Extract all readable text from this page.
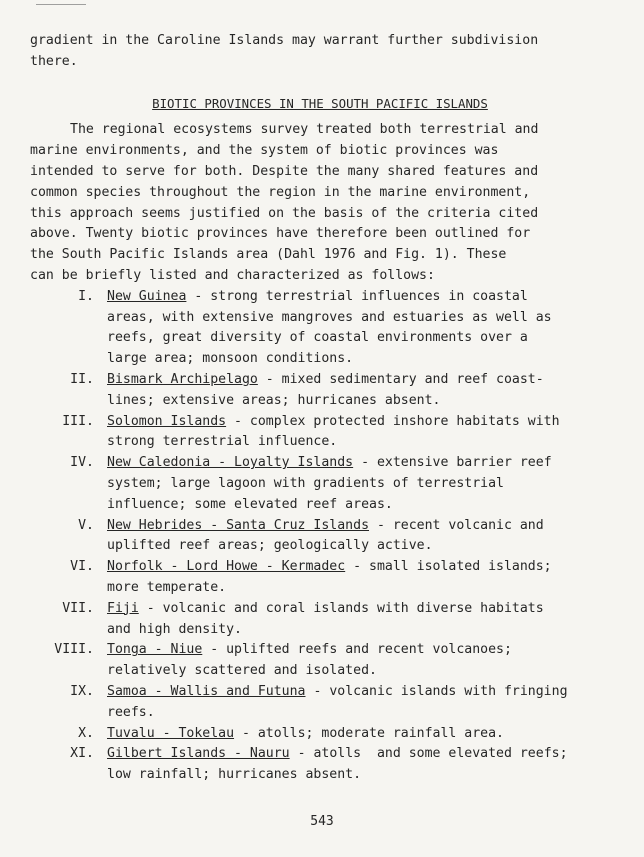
gradient in the Caroline Islands may warrant further subdivision
there.
BIOTIC PROVINCES IN THE SOUTH PACIFIC ISLANDS
The regional ecosystems survey treated both terrestrial and
marine environments, and the system of biotic provinces was
intended to serve for both. Despite the many shared features and
common species throughout the region in the marine environment,
this approach seems justified on the basis of the criteria cited
above. Twenty biotic provinces have therefore been outlined for
the South Pacific Islands area (Dahl 1976 and Fig. 1). These
can be briefly listed and characterized as follows:
I. New Guinea - strong terrestrial influences in coastal
areas, with extensive mangroves and estuaries as well as
reefs, great diversity of coastal environments over a
large area; monsoon conditions.
II. Bismark Archipelago - mixed sedimentary and reef coast-
lines; extensive areas; hurricanes absent.
III. Solomon Islands - complex protected inshore habitats with
strong terrestrial influence.
IV. New Caledonia - Loyalty Islands - extensive barrier reef
system; large lagoon with gradients of terrestrial
influence; some elevated reef areas.
V. New Hebrides - Santa Cruz Islands - recent volcanic and
uplifted reef areas; geologically active.
VI. Norfolk - Lord Howe - Kermadec - small isolated islands;
more temperate.
VII. Fiji - volcanic and coral islands with diverse habitats
and high density.
VIII. Tonga - Niue - uplifted reefs and recent volcanoes;
relatively scattered and isolated.
IX. Samoa - Wallis and Futuna - volcanic islands with fringing
reefs.
X. Tuvalu - Tokelau - atolls; moderate rainfall area.
XI. Gilbert Islands - Nauru - atolls  and some elevated reefs;
low rainfall; hurricanes absent.
543
